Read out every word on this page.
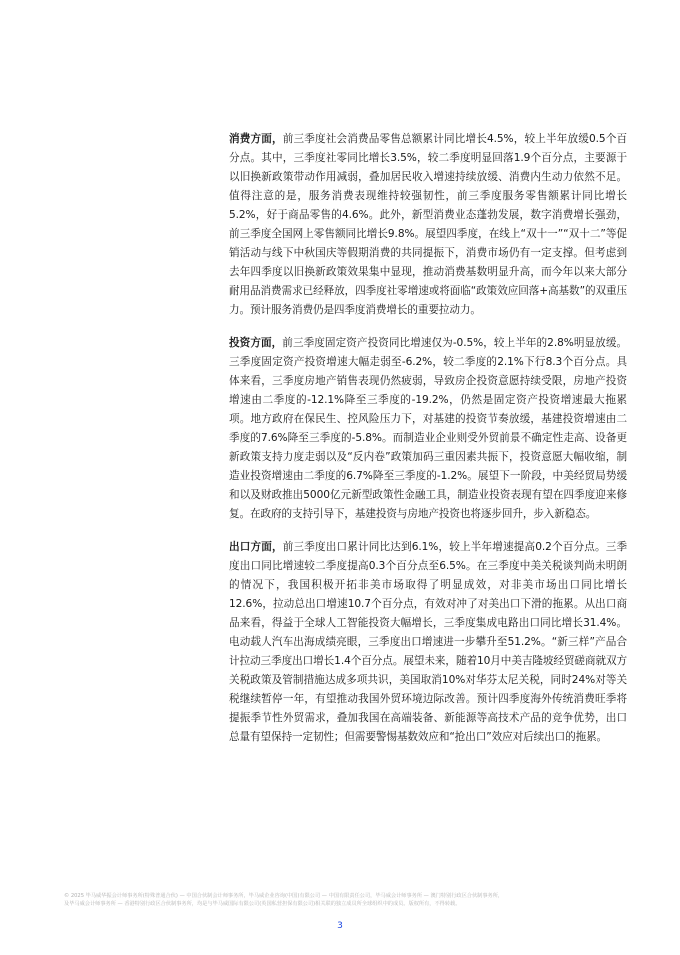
消费方面，前三季度社会消费品零售总额累计同比增长4.5%，较上半年放缓0.5个百分点。其中，三季度社零同比增长3.5%，较二季度明显回落1.9个百分点，主要源于以旧换新政策带动作用减弱，叠加居民收入增速持续放缓、消费内生动力依然不足。值得注意的是，服务消费表现维持较强韧性，前三季度服务零售额累计同比增长5.2%，好于商品零售的4.6%。此外，新型消费业态蓬勃发展，数字消费增长强劲，前三季度全国网上零售额同比增长9.8%。展望四季度，在线上“双十一”“双十二”等促销活动与线下中秋国庆等假期消费的共同提振下，消费市场仍有一定支撑。但考虑到去年四季度以旧换新政策效果集中显现，推动消费基数明显升高，而今年以来大部分耐用品消费需求已经释放，四季度社零增速或将面临“政策效应回落+高基数”的双重压力。预计服务消费仍是四季度消费增长的重要拉动力。

投资方面，前三季度固定资产投资同比增速仅为-0.5%，较上半年的2.8%明显放缓。三季度固定资产投资增速大幅走弱至-6.2%，较二季度的2.1%下行8.3个百分点。具体来看，三季度房地产销售表现仍然疲弱，导致房企投资意愿持续受限，房地产投资增速由二季度的-12.1%降至三季度的-19.2%，仍然是固定资产投资增速最大拖累项。地方政府在保民生、控风险压力下，对基建的投资节奏放缓，基建投资增速由二季度的7.6%降至三季度的-5.8%。而制造业企业则受外贸前景不确定性走高、设备更新政策支持力度走弱以及“反内卷”政策加码三重因素共振下，投资意愿大幅收缩，制造业投资增速由二季度的6.7%降至三季度的-1.2%。展望下一阶段，中美经贸局势缓和以及财政推出5000亿元新型政策性金融工具，制造业投资表现有望在四季度迎来修复。在政府的支持引导下，基建投资与房地产投资也将逐步回升，步入新稳态。

出口方面，前三季度出口累计同比达到6.1%，较上半年增速提高0.2个百分点。三季度出口同比增速较二季度提高0.3个百分点至6.5%。在三季度中美关税谈判尚未明朗的情况下，我国积极开拓非美市场取得了明显成效，对非美市场出口同比增长12.6%，拉动总出口增速10.7个百分点，有效对冲了对美出口下滑的拖累。从出口商品来看，得益于全球人工智能投资大幅增长，三季度集成电路出口同比增长31.4%。电动载人汽车出海成绩亮眼，三季度出口增速进一步攀升至51.2%。“新三样”产品合计拉动三季度出口增长1.4个百分点。展望未来，随着10月中美吉隆坡经贸磋商就双方关税政策及管制措施达成多项共识，美国取消10%对华芬太尼关税，同时24%对等关税继续暂停一年，有望推动我国外贸环境边际改善。预计四季度海外传统消费旺季将提振季节性外贸需求，叠加我国在高端装备、新能源等高技术产品的竞争优势，出口总量有望保持一定韧性；但需要警惕基数效应和“抢出口”效应对后续出口的拖累。

© 2025 毕马威华振会计师事务所(特殊普通合伙) — 中国合伙制会计师事务所，毕马威企业咨询(中国)有限公司 — 中国有限责任公司，毕马威会计师事务所 — 澳门特别行政区合伙制事务所，
及毕马威会计师事务所 — 香港特别行政区合伙制事务所，均是与毕马威国际有限公司(英国私营担保有限公司)相关联的独立成员所全球组织中的成员。版权所有，不得转载。
3
